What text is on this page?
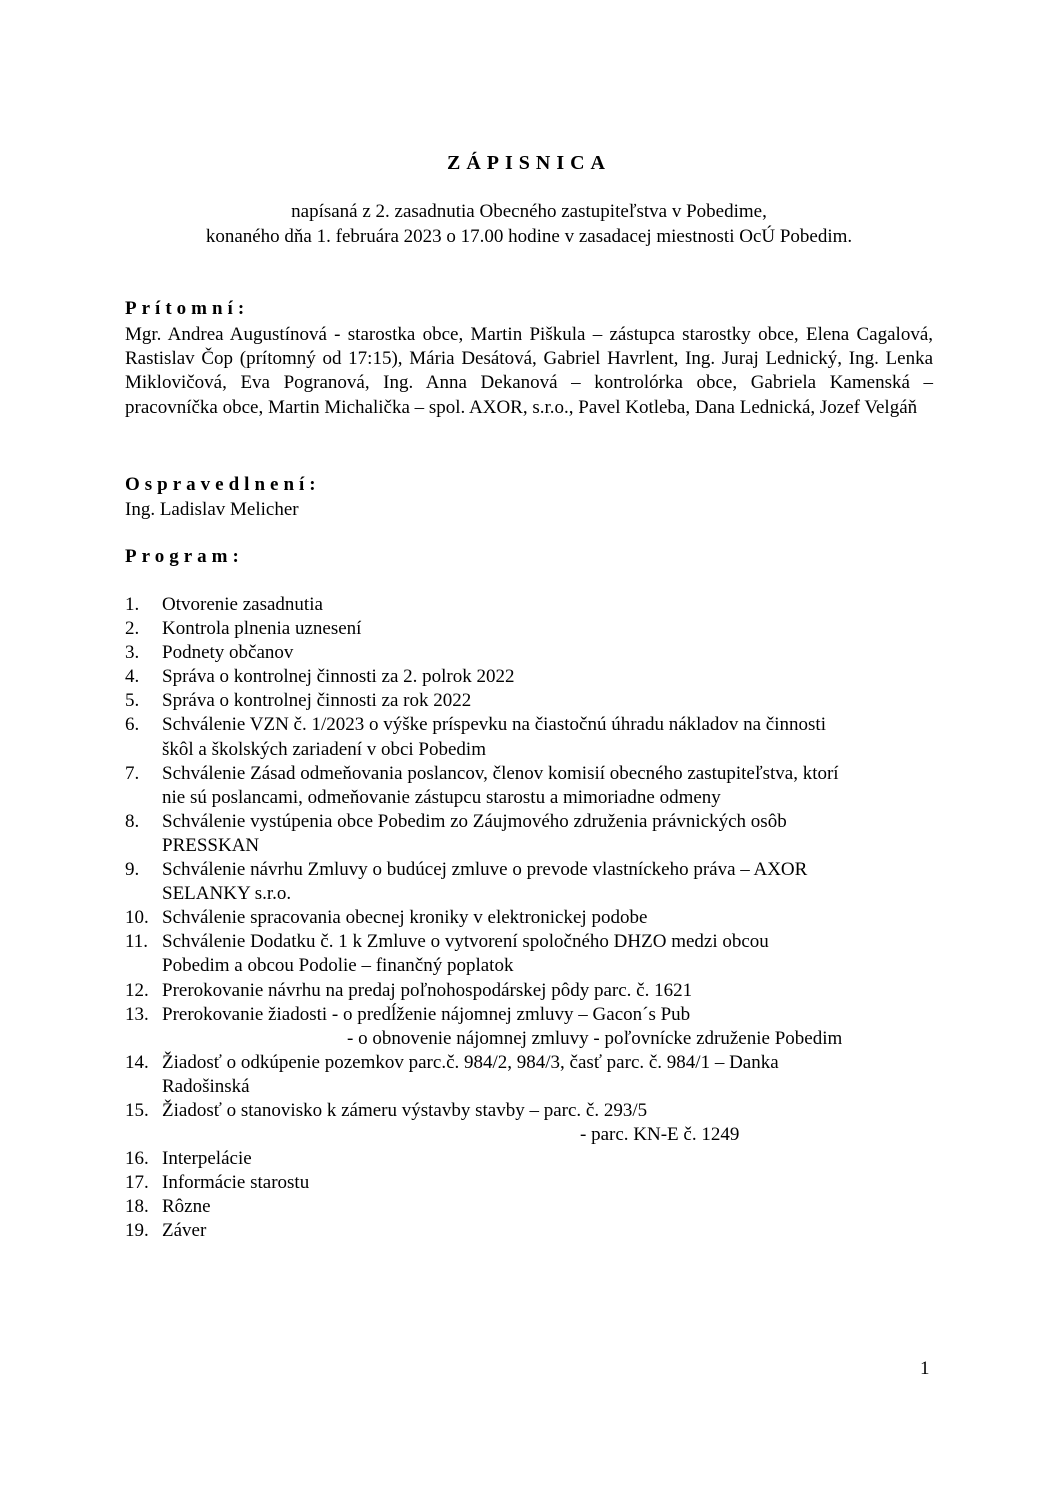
ZÁPISNICA
napísaná z 2. zasadnutia Obecného zastupiteľstva v Pobedime,
konaného dňa 1. februára 2023 o 17.00 hodine v zasadacej miestnosti OcÚ Pobedim.
Prítomní:
Mgr. Andrea Augustínová - starostka obce, Martin Piškula – zástupca starostky obce, Elena Cagalová, Rastislav Čop (prítomný od 17:15), Mária Desátová, Gabriel Havrlent, Ing. Juraj Lednický, Ing. Lenka Miklovičová, Eva Pogranová, Ing. Anna Dekanová – kontrolórka obce, Gabriela Kamenská – pracovníčka obce, Martin Michalička – spol. AXOR, s.r.o., Pavel Kotleba, Dana Lednická, Jozef Velgáň
Ospravedlnení:
Ing. Ladislav Melicher
Program:
1.	Otvorenie zasadnutia
2.	Kontrola plnenia uznesení
3.	Podnety občanov
4.	Správa o kontrolnej činnosti za 2. polrok 2022
5.	Správa o kontrolnej činnosti za rok 2022
6.	Schválenie VZN č. 1/2023 o výške príspevku na čiastočnú úhradu nákladov na činnosti
škôl a školských zariadení v obci Pobedim
7.	Schválenie Zásad odmeňovania poslancov, členov komisií obecného zastupiteľstva, ktorí
nie sú poslancami, odmeňovanie zástupcu starostu a mimoriadne odmeny
8.	Schválenie vystúpenia obce Pobedim zo Záujmového združenia právnických osôb
PRESSKAN
9.	Schválenie návrhu Zmluvy o budúcej zmluve o prevode vlastníckeho práva – AXOR
SELANKY s.r.o.
10. Schválenie spracovania obecnej kroniky v elektronickej podobe
11. Schválenie Dodatku č. 1 k Zmluve o vytvorení spoločného DHZO medzi obcou
Pobedim a obcou Podolie – finančný poplatok
12. Prerokovanie návrhu na predaj poľnohospodárskej pôdy parc. č. 1621
13. Prerokovanie žiadosti - o predĺženie nájomnej zmluvy – Gacon´s Pub
- o obnovenie nájomnej zmluvy - poľovnícke združenie Pobedim
14. Žiadosť o odkúpenie pozemkov parc.č. 984/2, 984/3, časť parc. č. 984/1 – Danka
Radošinská
15. Žiadosť o stanovisko k zámeru výstavby stavby – parc. č. 293/5
- parc. KN-E č. 1249
16. Interpelácie
17. Informácie starostu
18. Rôzne
19. Záver
1
